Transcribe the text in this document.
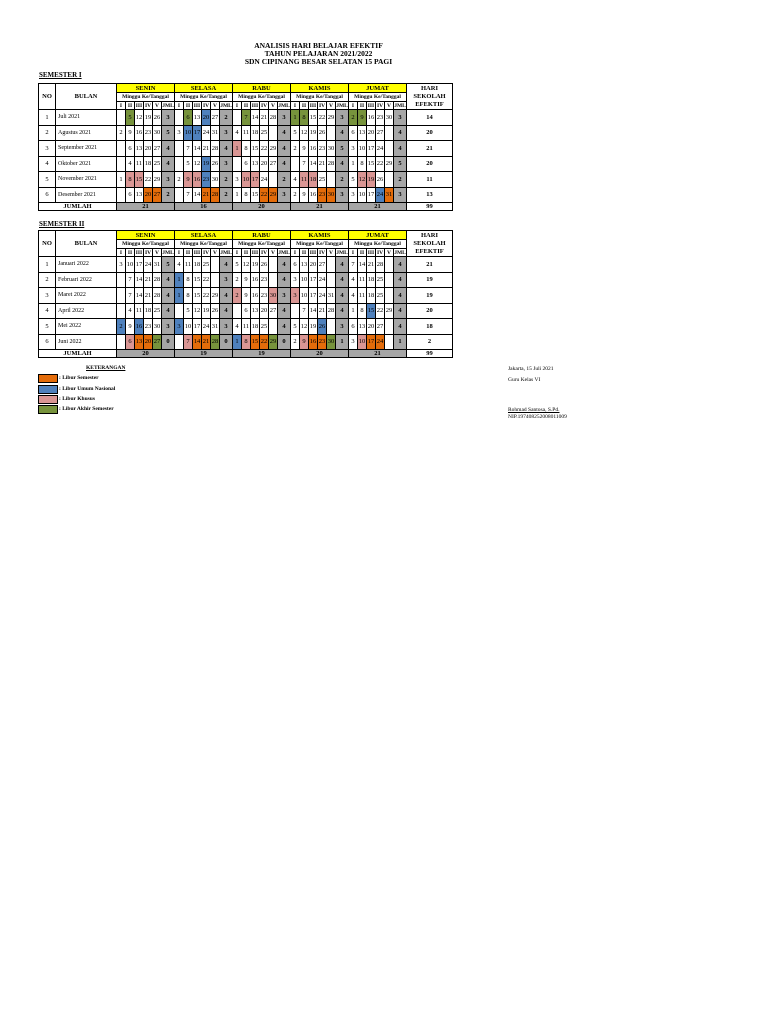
ANALISIS HARI BELAJAR EFEKTIF
TAHUN PELAJARAN 2021/2022
SDN CIPINANG BESAR SELATAN 15 PAGI
SEMESTER I
NO	BULAN	SENIN						SELASA						RABU						KAMIS						JUMAT						HARI SEKOLAH EFEKTIF
		Minggu Ke/Tanggal						Minggu Ke/Tanggal						Minggu Ke/Tanggal						Minggu Ke/Tanggal						Minggu Ke/Tanggal						
		I	II	III	IV	V	JML	I	II	III	IV	V	JML	I	II	III	IV	V	JML	I	II	III	IV	V	JML	I	II	III	IV	V	JML	
1	Juli 2021		5	12	19	26	3		6	13	20	27	2		7	14	21	28	3	1	8	15	22	29	3	2	9	16	23	30	3	14
2	Agustus 2021	2	9	16	23	30	5	3	10	17	24	31	3	4	11	18	25		4	5	12	19	26		4	6	13	20	27		4	20
3	September 2021		6	13	20	27	4		7	14	21	28	4	1	8	15	22	29	4	2	9	16	23	30	5	3	10	17	24		4	21
4	Oktober 2021		4	11	18	25	4		5	12	19	26	3		6	13	20	27	4		7	14	21	28	4	1	8	15	22	29	5	20
5	November 2021	1	8	15	22	29	3	2	9	16	23	30	2	3	10	17	24		2	4	11	18	25		2	5	12	19	26		2	11
6	Desember 2021		6	13	20	27	2		7	14	21	28	2	1	8	15	22	29	3	2	9	16	23	30	3	3	10	17	24	31	3	13
JUMLAH		21						16						20						21						21						99
SEMESTER II
NO	BULAN	SENIN						SELASA						RABU						KAMIS						JUMAT						HARI SEKOLAH EFEKTIF
		Minggu Ke/Tanggal						Minggu Ke/Tanggal						Minggu Ke/Tanggal						Minggu Ke/Tanggal						Minggu Ke/Tanggal						
		I	II	III	IV	V	JML	I	II	III	IV	V	JML	I	II	III	IV	V	JML	I	II	III	IV	V	JML	I	II	III	IV	V	JML	
1	Januari 2022	3	10	17	24	31	5	4	11	18	25		4	5	12	19	26		4	6	13	20	27		4	7	14	21	28		4	21
2	Februari 2022		7	14	21	28	4	1	8	15	22		3	2	9	16	23		4	3	10	17	24		4	4	11	18	25		4	19
3	Maret 2022		7	14	21	28	4	1	8	15	22	29	4	2	9	16	23	30	3	3	10	17	24	31	4	4	11	18	25		4	19
4	April 2022		4	11	18	25	4		5	12	19	26	4		6	13	20	27	4		7	14	21	28	4	1	8	15	22	29	4	20
5	Mei 2022	2	9	16	23	30	3	3	10	17	24	31	3	4	11	18	25		4	5	12	19	26		3	6	13	20	27		4	18
6	Juni 2022		6	13	20	27	0		7	14	21	28	0	1	8	15	22	29	0	2	9	16	23	30	1	3	10	17	24		1	2
JUMLAH		20						19						19						20						21						99
KETERANGAN
: Libur Semester
: Libur Umum Nasional
: Libur Khusus
: Libur Akhir Semester
Jakarta, 15 Juli 2021
Guru Kelas VI
Rohmad Santosa, S.Pd.
NIP.197408252008011009
